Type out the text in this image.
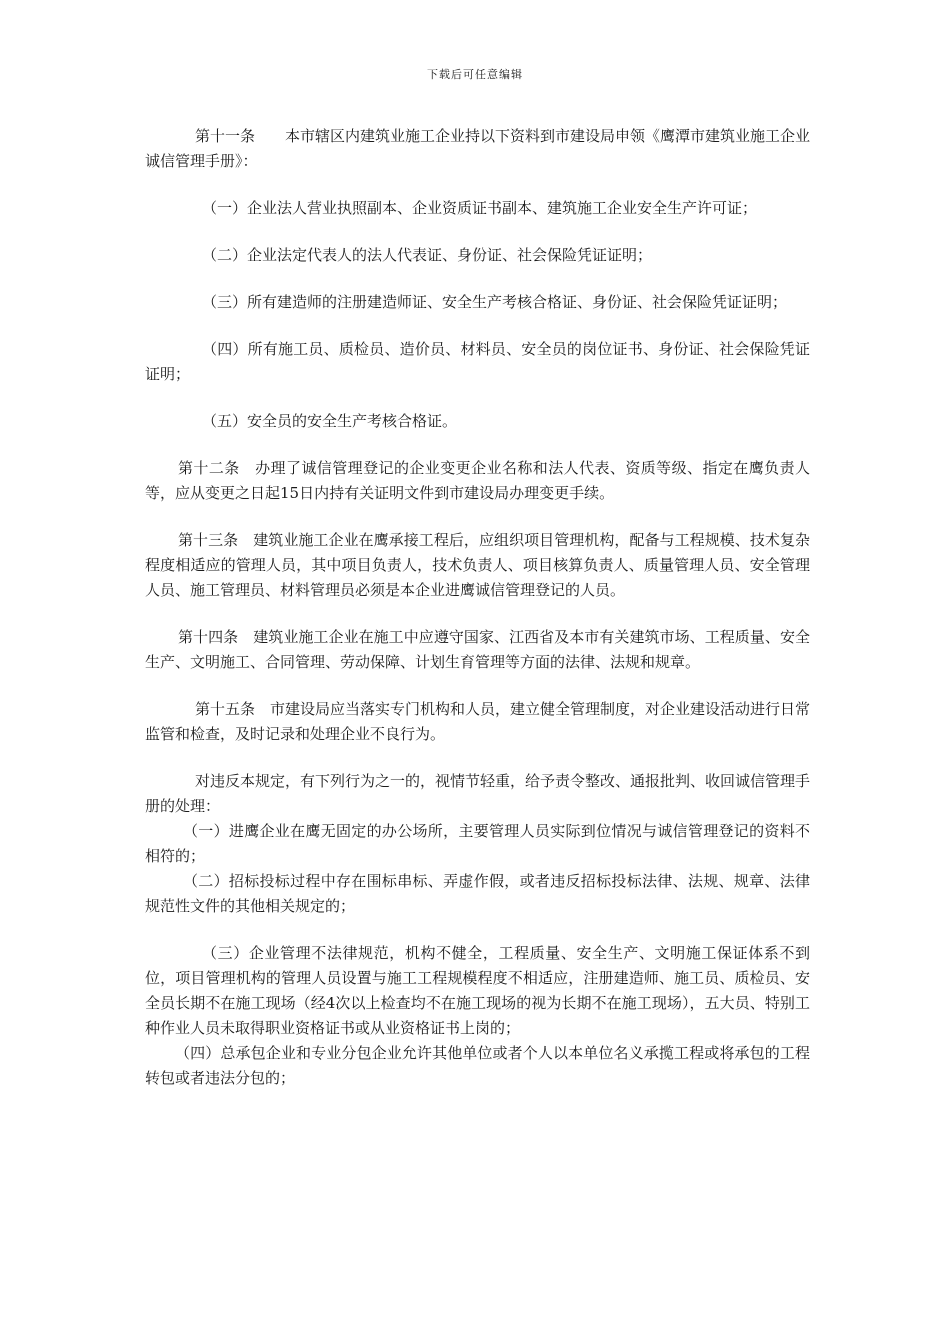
下载后可任意编辑

第十一条　　本市辖区内建筑业施工企业持以下资料到市建设局申领《鹰潭市建筑业施工企业诚信管理手册》：

（一）企业法人营业执照副本、企业资质证书副本、建筑施工企业安全生产许可证；

（二）企业法定代表人的法人代表证、身份证、社会保险凭证证明；

（三）所有建造师的注册建造师证、安全生产考核合格证、身份证、社会保险凭证证明；

（四）所有施工员、质检员、造价员、材料员、安全员的岗位证书、身份证、社会保险凭证证明；

（五）安全员的安全生产考核合格证。

第十二条　办理了诚信管理登记的企业变更企业名称和法人代表、资质等级、指定在鹰负责人等，应从变更之日起15日内持有关证明文件到市建设局办理变更手续。

第十三条　建筑业施工企业在鹰承接工程后，应组织项目管理机构，配备与工程规模、技术复杂程度相适应的管理人员，其中项目负责人，技术负责人、项目核算负责人、质量管理人员、安全管理人员、施工管理员、材料管理员必须是本企业进鹰诚信管理登记的人员。

第十四条　建筑业施工企业在施工中应遵守国家、江西省及本市有关建筑市场、工程质量、安全生产、文明施工、合同管理、劳动保障、计划生育管理等方面的法律、法规和规章。

第十五条　市建设局应当落实专门机构和人员，建立健全管理制度，对企业建设活动进行日常监管和检查，及时记录和处理企业不良行为。

对违反本规定，有下列行为之一的，视情节轻重，给予责令整改、通报批判、收回诚信管理手册的处理：

（一）进鹰企业在鹰无固定的办公场所，主要管理人员实际到位情况与诚信管理登记的资料不相符的；

（二）招标投标过程中存在围标串标、弄虚作假，或者违反招标投标法律、法规、规章、法律规范性文件的其他相关规定的；

（三）企业管理不法律规范，机构不健全，工程质量、安全生产、文明施工保证体系不到位，项目管理机构的管理人员设置与施工工程规模程度不相适应，注册建造师、施工员、质检员、安全员长期不在施工现场（经4次以上检查均不在施工现场的视为长期不在施工现场），五大员、特别工种作业人员未取得职业资格证书或从业资格证书上岗的；

（四）总承包企业和专业分包企业允许其他单位或者个人以本单位名义承揽工程或将承包的工程转包或者违法分包的；
